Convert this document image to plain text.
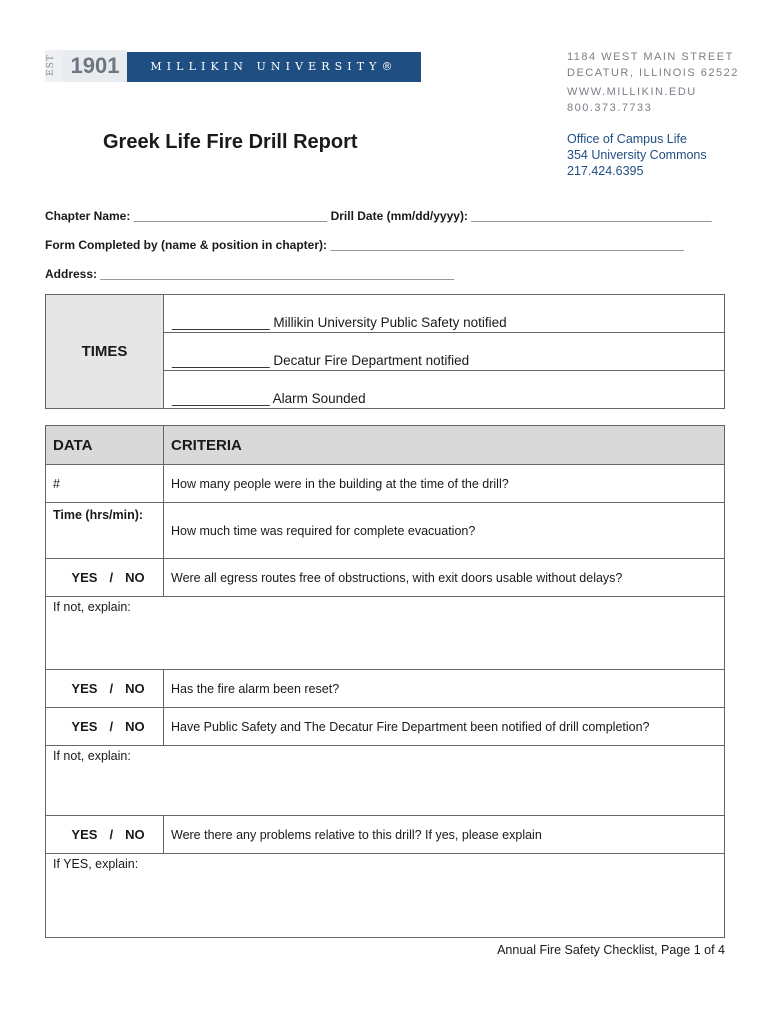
EST 1901	MILLIKIN UNIVERSITY®
1184 WEST MAIN STREET
DECATUR, ILLINOIS 62522
WWW.MILLIKIN.EDU
800.373.7733
Office of Campus Life
354 University Commons
217.424.6395
Greek Life Fire Drill Report
Chapter Name: _____________________________ Drill Date (mm/dd/yyyy): ____________________________________
Form Completed by (name & position in chapter): _____________________________________________________
Address: _____________________________________________________
TIMES
_____________ Millikin University Public Safety notified
_____________ Decatur Fire Department notified
_____________ Alarm Sounded
DATA	CRITERIA
#	How many people were in the building at the time of the drill?
Time (hrs/min):	How much time was required for complete evacuation?
YES / NO	Were all egress routes free of obstructions, with exit doors usable without delays?
If not, explain:	
YES / NO	Has the fire alarm been reset?
YES / NO	Have Public Safety and The Decatur Fire Department been notified of drill completion?
If not, explain:	
YES / NO	Were there any problems relative to this drill? If yes, please explain
If YES, explain:	
Annual Fire Safety Checklist, Page 1 of 4
